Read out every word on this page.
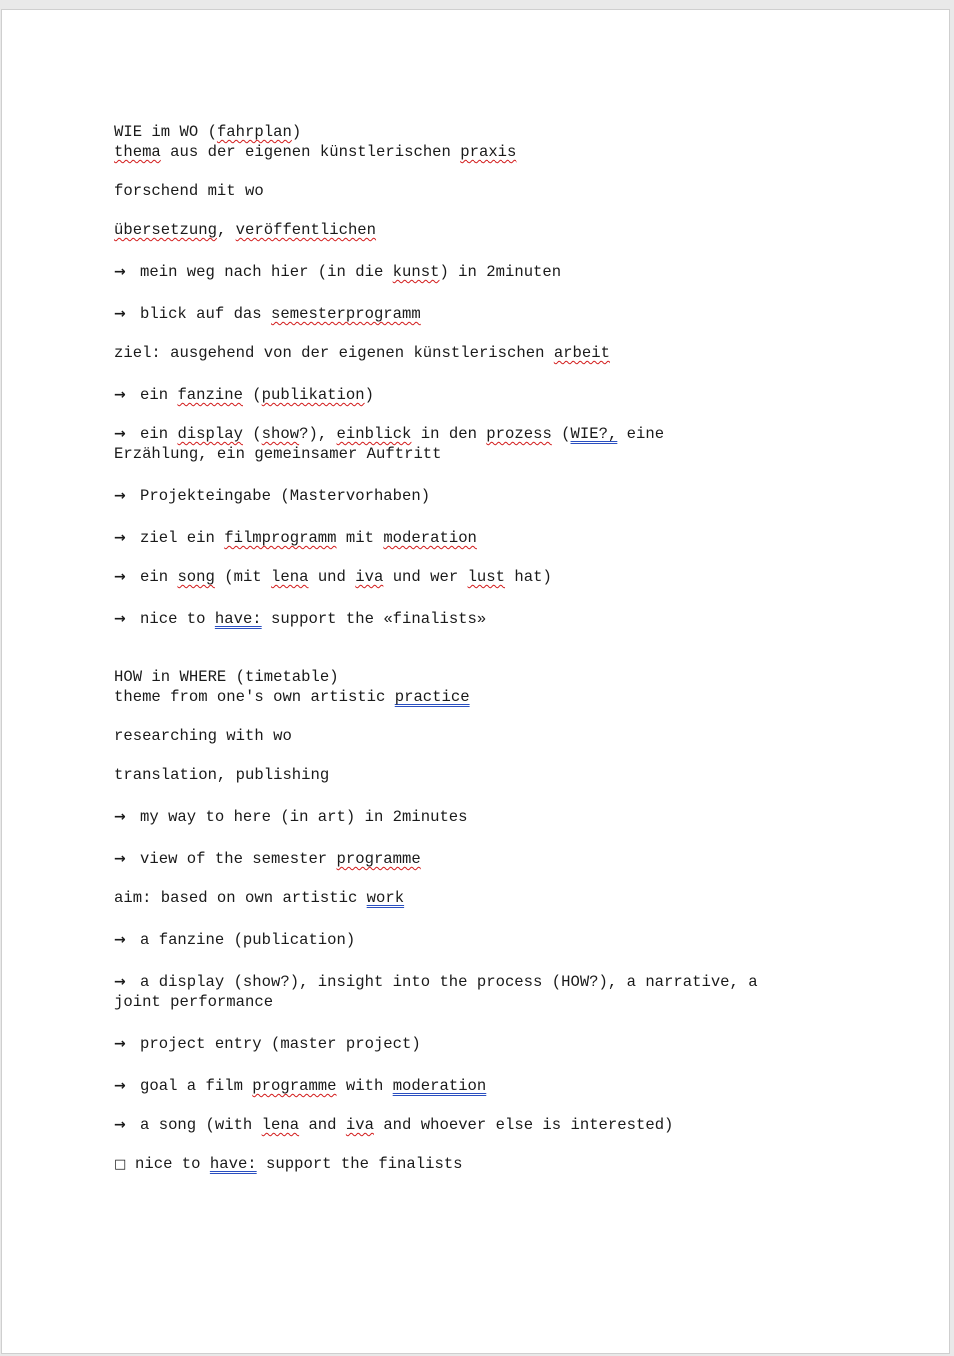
WIE im WO (fahrplan)
thema aus der eigenen künstlerischen praxis
forschend mit wo
übersetzung, veröffentlichen
→ mein weg nach hier (in die kunst) in 2minuten
→ blick auf das semesterprogramm
ziel: ausgehend von der eigenen künstlerischen arbeit
→ ein fanzine (publikation)
→ ein display (show?), einblick in den prozess (WIE?, eine
Erzählung, ein gemeinsamer Auftritt
→ Projekteingabe (Mastervorhaben)
→ ziel ein filmprogramm mit moderation
→ ein song (mit lena und iva und wer lust hat)
→ nice to have: support the «finalists»
HOW in WHERE (timetable)
theme from one's own artistic practice
researching with wo
translation, publishing
→ my way to here (in art) in 2minutes
→ view of the semester programme
aim: based on own artistic work
→ a fanzine (publication)
→ a display (show?), insight into the process (HOW?), a narrative, a
joint performance
→ project entry (master project)
→ goal a film programme with moderation
→ a song (with lena and iva and whoever else is interested)
□ nice to have: support the finalists
